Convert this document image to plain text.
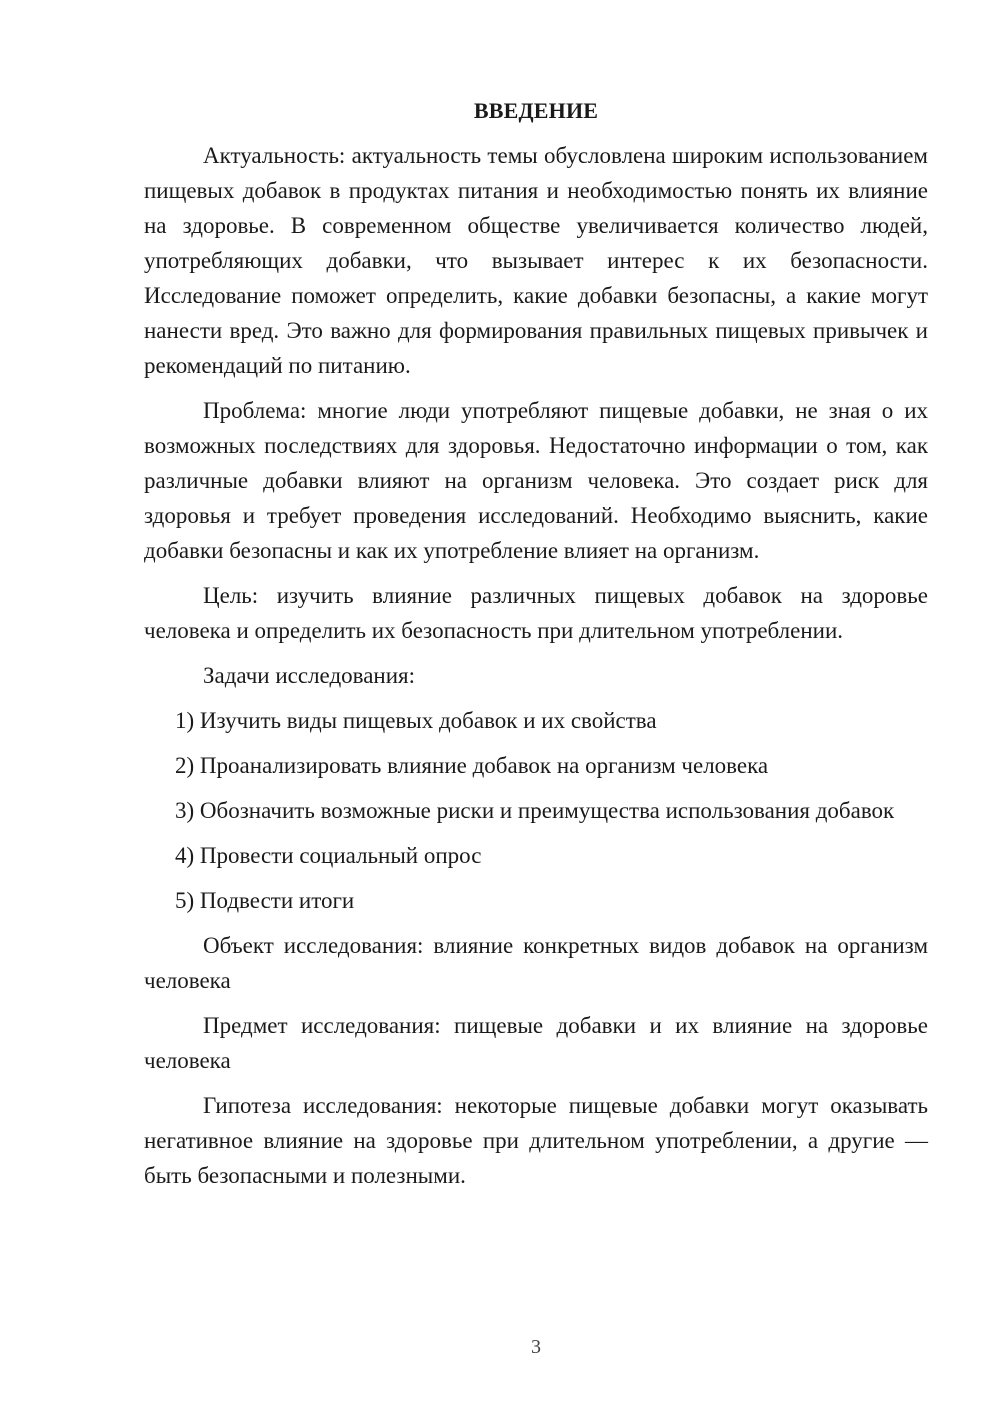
ВВЕДЕНИЕ

Актуальность: актуальность темы обусловлена широким использованием пищевых добавок в продуктах питания и необходимостью понять их влияние на здоровье. В современном обществе увеличивается количество людей, употребляющих добавки, что вызывает интерес к их безопасности. Исследование поможет определить, какие добавки безопасны, а какие могут нанести вред. Это важно для формирования правильных пищевых привычек и рекомендаций по питанию.

Проблема: многие люди употребляют пищевые добавки, не зная о их возможных последствиях для здоровья. Недостаточно информации о том, как различные добавки влияют на организм человека. Это создает риск для здоровья и требует проведения исследований. Необходимо выяснить, какие добавки безопасны и как их употребление влияет на организм.

Цель: изучить влияние различных пищевых добавок на здоровье человека и определить их безопасность при длительном употреблении.

Задачи исследования:

1) Изучить виды пищевых добавок и их свойства

2) Проанализировать влияние добавок на организм человека

3) Обозначить возможные риски и преимущества использования добавок

4) Провести социальный опрос

5) Подвести итоги

Объект исследования: влияние конкретных видов добавок на организм человека

Предмет исследования: пищевые добавки и их влияние на здоровье человека

Гипотеза исследования: некоторые пищевые добавки могут оказывать негативное влияние на здоровье при длительном употреблении, а другие — быть безопасными и полезными.

3
